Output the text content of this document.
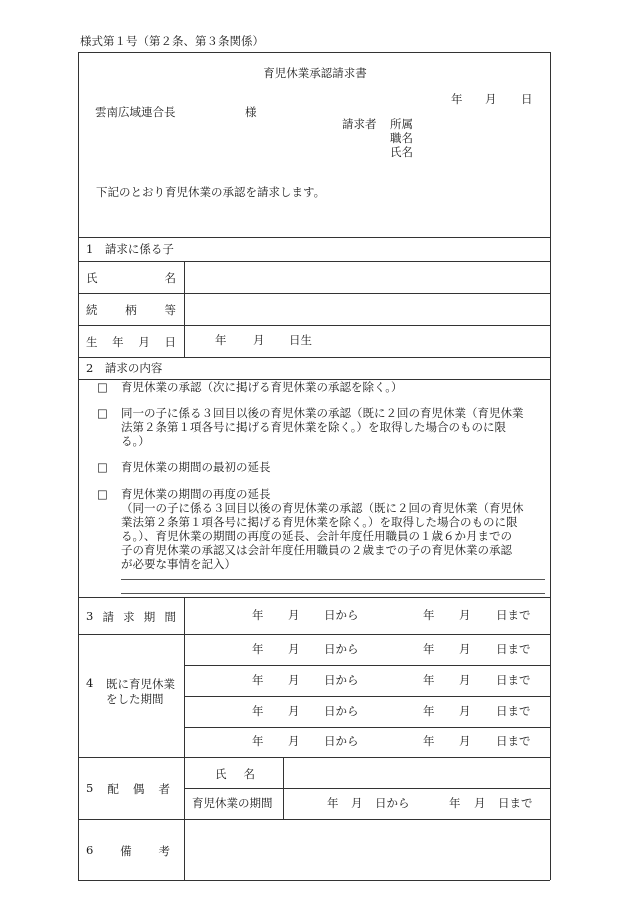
様式第１号（第２条、第３条関係）
育児休業承認請求書
年 月 日
雲南広域連合長	様
請求者 所属
職名
氏名
下記のとおり育児休業の承認を請求します。
1　請求に係る子
氏	名
続 柄 等
生 年 月 日	年 月 日生
2　請求の内容
□ 育児休業の承認（次に掲げる育児休業の承認を除く。）
□ 同一の子に係る３回目以後の育児休業の承認（既に２回の育児休業（育児休業
法第２条第１項各号に掲げる育児休業を除く。）を取得した場合のものに限
る。）
□ 育児休業の期間の最初の延長
□ 育児休業の期間の再度の延長
（同一の子に係る３回目以後の育児休業の承認（既に２回の育児休業（育児休
業法第２条第１項各号に掲げる育児休業を除く。）を取得した場合のものに限
る。）、育児休業の期間の再度の延長、会計年度任用職員の１歳６か月までの
子の育児休業の承認又は会計年度任用職員の２歳までの子の育児休業の承認
が必要な事情を記入）
3 請 求 期 間	年 月 日から	年 月 日まで
4 既に育児休業をした期間
年 月 日から	年 月 日まで
年 月 日から	年 月 日まで
年 月 日から	年 月 日まで
年 月 日から	年 月 日まで
5 配 偶 者
氏 名
育児休業の期間	年 月 日から	年 月 日まで
6 備 考
